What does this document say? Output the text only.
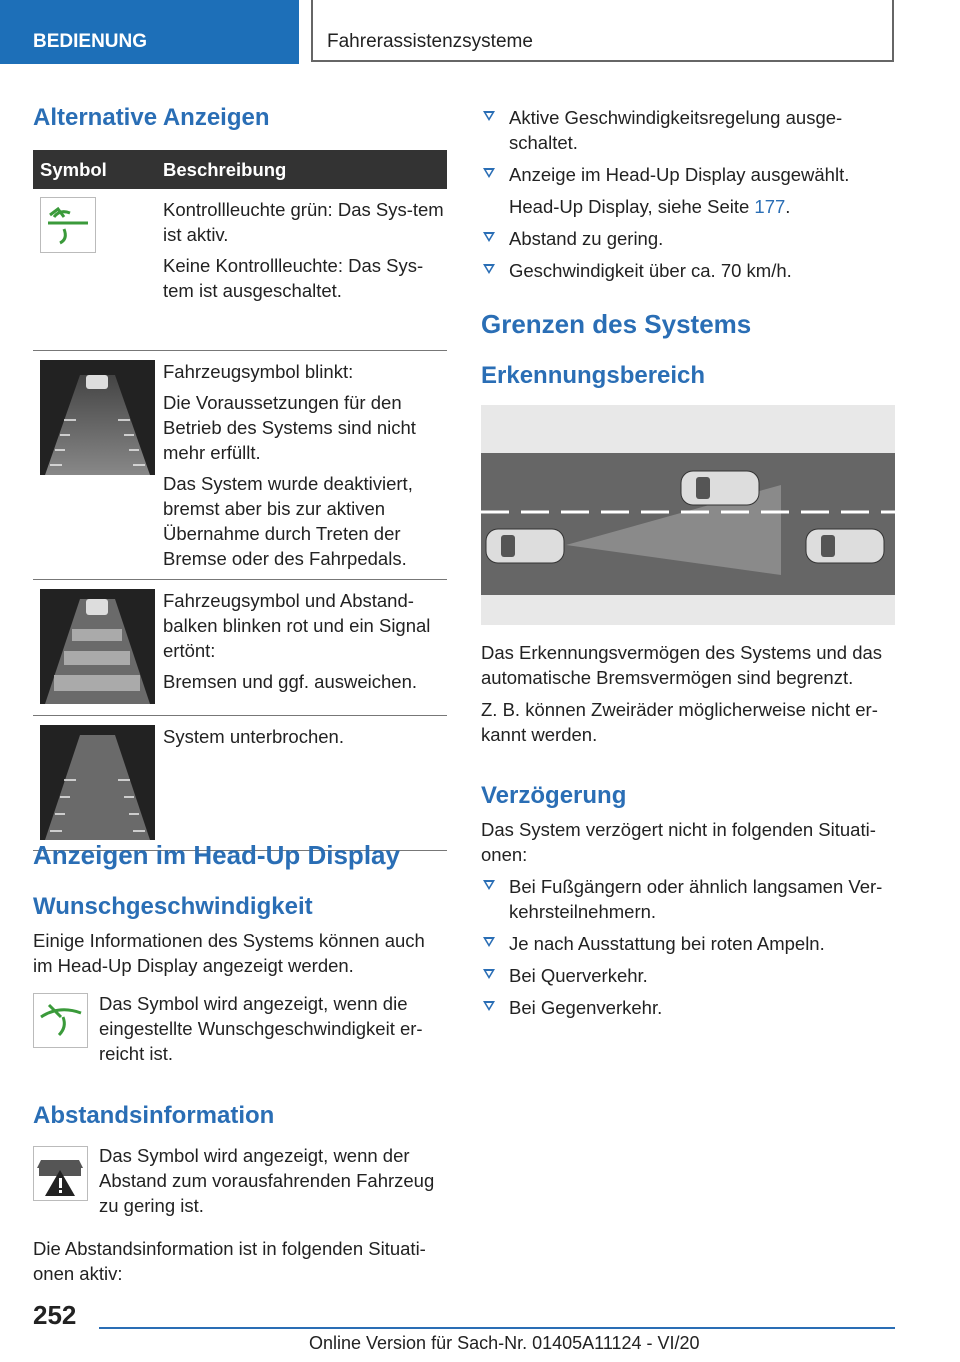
BEDIENUNG	Fahrerassistenzsysteme
Alternative Anzeigen
Symbol	Beschreibung

Kontrollleuchte grün: Das Sys-tem ist aktiv.

Keine Kontrollleuchte: Das Sys-tem ist ausgeschaltet.

Fahrzeugsymbol blinkt:

Die Voraussetzungen für den Betrieb des Systems sind nicht mehr erfüllt.

Das System wurde deaktiviert, bremst aber bis zur aktiven Übernahme durch Treten der Bremse oder des Fahrpedals.

Fahrzeugsymbol und Abstand-balken blinken rot und ein Signal ertönt:

Bremsen und ggf. ausweichen.

System unterbrochen.

Anzeigen im Head-Up Display
Wunschgeschwindigkeit

Einige Informationen des Systems können auch im Head-Up Display angezeigt werden.

Das Symbol wird angezeigt, wenn die eingestellte Wunschgeschwindigkeit er-reicht ist.

Abstandsinformation

Das Symbol wird angezeigt, wenn der Abstand zum vorausfahrenden Fahrzeug zu gering ist.

Die Abstandsinformation ist in folgenden Situati-onen aktiv:

Aktive Geschwindigkeitsregelung ausge-schaltet.
Anzeige im Head-Up Display ausgewählt.

Head-Up Display, siehe Seite 177.

Abstand zu gering.
Geschwindigkeit über ca. 70 km/h.
Grenzen des Systems
Erkennungsbereich

Das Erkennungsvermögen des Systems und das automatische Bremsvermögen sind begrenzt.

Z. B. können Zweiräder möglicherweise nicht er-kannt werden.

Verzögerung

Das System verzögert nicht in folgenden Situati-onen:

Bei Fußgängern oder ähnlich langsamen Ver-kehrsteilnehmern.
Je nach Ausstattung bei roten Ampeln.
Bei Querverkehr.
Bei Gegenverkehr.
252
Online Version für Sach-Nr. 01405A11124 - VI/20
